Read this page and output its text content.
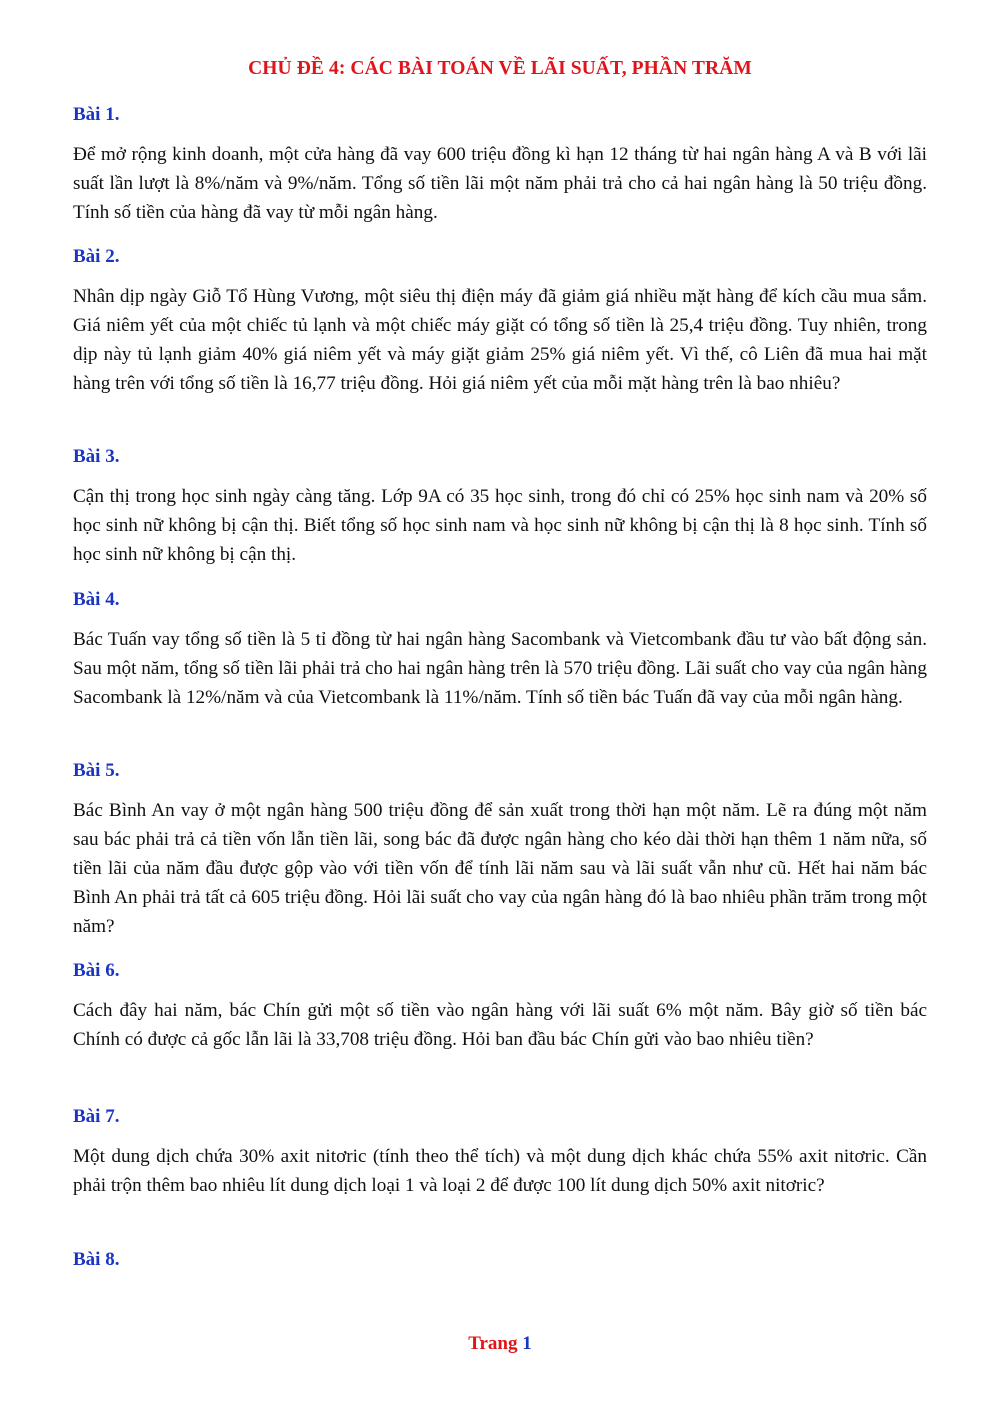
CHỦ ĐỀ 4: CÁC BÀI TOÁN VỀ LÃI SUẤT, PHẦN TRĂM

Bài 1.

Để mở rộng kinh doanh, một cửa hàng đã vay 600 triệu đồng kì hạn 12 tháng từ hai ngân hàng A và B với lãi suất lần lượt là 8%/năm và 9%/năm. Tổng số tiền lãi một năm phải trả cho cả hai ngân hàng là 50 triệu đồng. Tính số tiền của hàng đã vay từ mỗi ngân hàng.

Bài 2.

Nhân dịp ngày Giỗ Tổ Hùng Vương, một siêu thị điện máy đã giảm giá nhiều mặt hàng để kích cầu mua sắm. Giá niêm yết của một chiếc tủ lạnh và một chiếc máy giặt có tổng số tiền là 25,4 triệu đồng. Tuy nhiên, trong dịp này tủ lạnh giảm 40% giá niêm yết và máy giặt giảm 25% giá niêm yết. Vì thế, cô Liên đã mua hai mặt hàng trên với tổng số tiền là 16,77 triệu đồng. Hỏi giá niêm yết của mỗi mặt hàng trên là bao nhiêu?

Bài 3.

Cận thị trong học sinh ngày càng tăng. Lớp 9A có 35 học sinh, trong đó chỉ có 25% học sinh nam và 20% số học sinh nữ không bị cận thị. Biết tổng số học sinh nam và học sinh nữ không bị cận thị là 8 học sinh. Tính số học sinh nữ không bị cận thị.

Bài 4.

Bác Tuấn vay tổng số tiền là 5 tỉ đồng từ hai ngân hàng Sacombank và Vietcombank đầu tư vào bất động sản. Sau một năm, tổng số tiền lãi phải trả cho hai ngân hàng trên là 570 triệu đồng. Lãi suất cho vay của ngân hàng Sacombank là 12%/năm và của Vietcombank là 11%/năm. Tính số tiền bác Tuấn đã vay của mỗi ngân hàng.

Bài 5.

Bác Bình An vay ở một ngân hàng 500 triệu đồng để sản xuất trong thời hạn một năm. Lẽ ra đúng một năm sau bác phải trả cả tiền vốn lẫn tiền lãi, song bác đã được ngân hàng cho kéo dài thời hạn thêm 1 năm nữa, số tiền lãi của năm đầu được gộp vào với tiền vốn để tính lãi năm sau và lãi suất vẫn như cũ. Hết hai năm bác Bình An phải trả tất cả 605 triệu đồng. Hỏi lãi suất cho vay của ngân hàng đó là bao nhiêu phần trăm trong một năm?

Bài 6.

Cách đây hai năm, bác Chín gửi một số tiền vào ngân hàng với lãi suất 6% một năm. Bây giờ số tiền bác Chính có được cả gốc lẫn lãi là 33,708 triệu đồng. Hỏi ban đầu bác Chín gửi vào bao nhiêu tiền?

Bài 7.

Một dung dịch chứa 30% axit nitơric (tính theo thể tích) và một dung dịch khác chứa 55% axit nitơric. Cần phải trộn thêm bao nhiêu lít dung dịch loại 1 và loại 2 để được 100 lít dung dịch 50% axit nitơric?

Bài 8.

Trang 1
